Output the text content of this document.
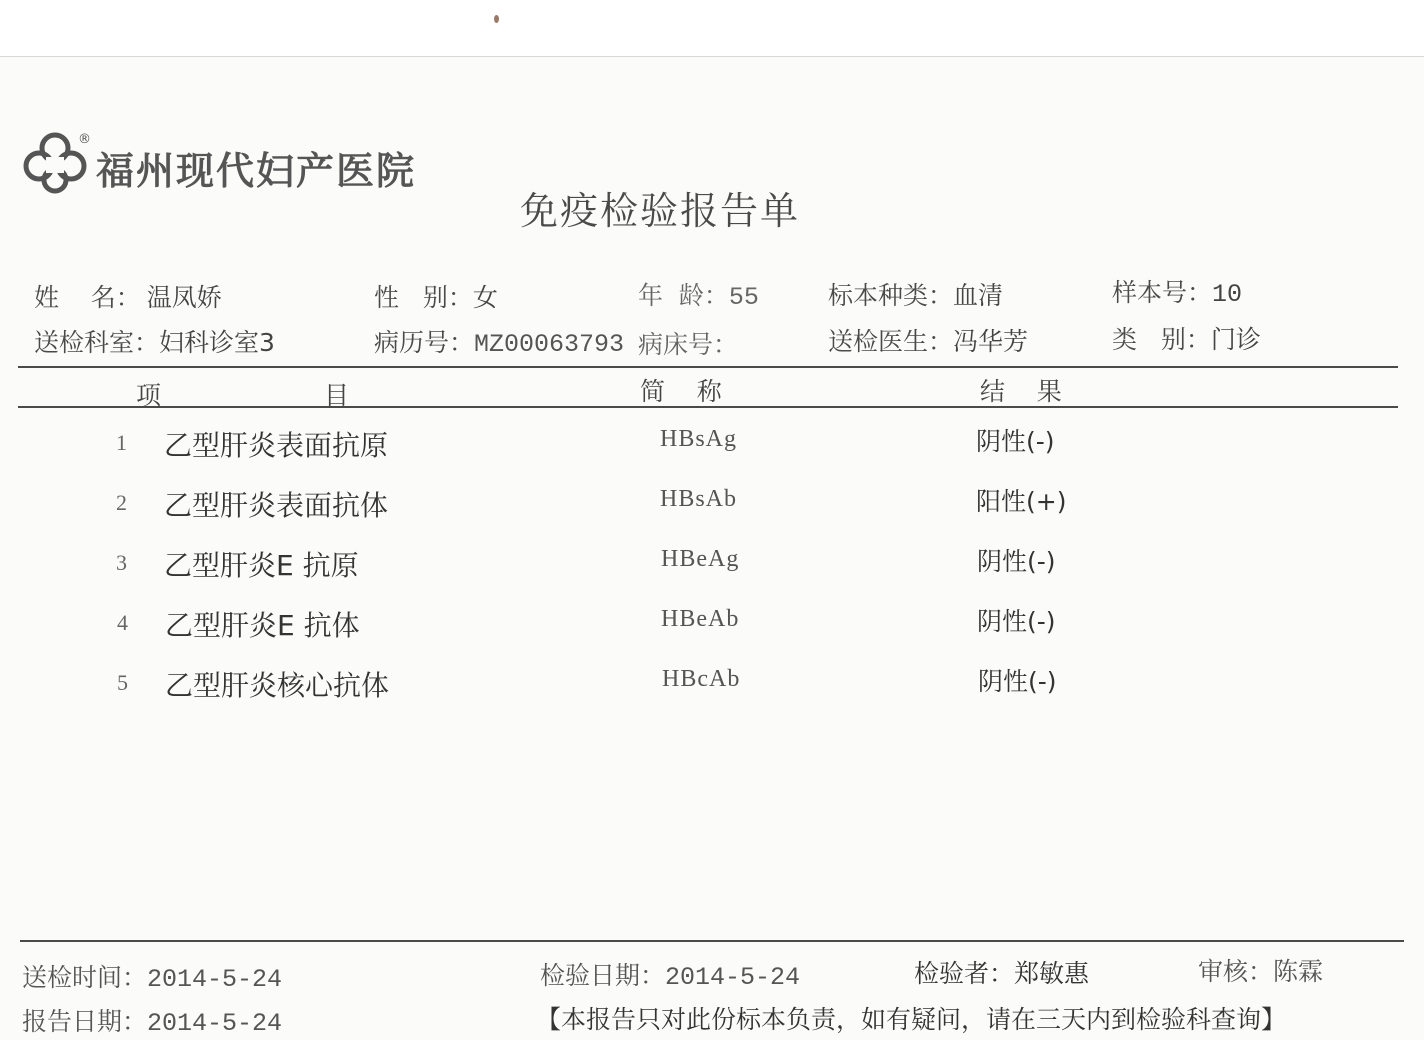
®
福州现代妇产医院
免疫检验报告单
姓    名： 温凤娇	性   别：女	年  龄：55	标本种类：血清	样本号：10
送检科室：妇科诊室3	病历号：MZ00063793 病床号：	送检医生：冯华芳	类   别：门诊
项	目	简    称	结    果
1 乙型肝炎表面抗原	HBsAg	阴性(-)
2 乙型肝炎表面抗体	HBsAb	阳性(+)
3 乙型肝炎E 抗原	HBeAg	阴性(-)
4 乙型肝炎E 抗体	HBeAb	阴性(-)
5 乙型肝炎核心抗体	HBcAb	阴性(-)
送检时间：2014-5-24	检验日期：2014-5-24	检验者：郑敏惠	审核：陈霖
报告日期：2014-5-24	【本报告只对此份标本负责，如有疑问，请在三天内到检验科查询】
